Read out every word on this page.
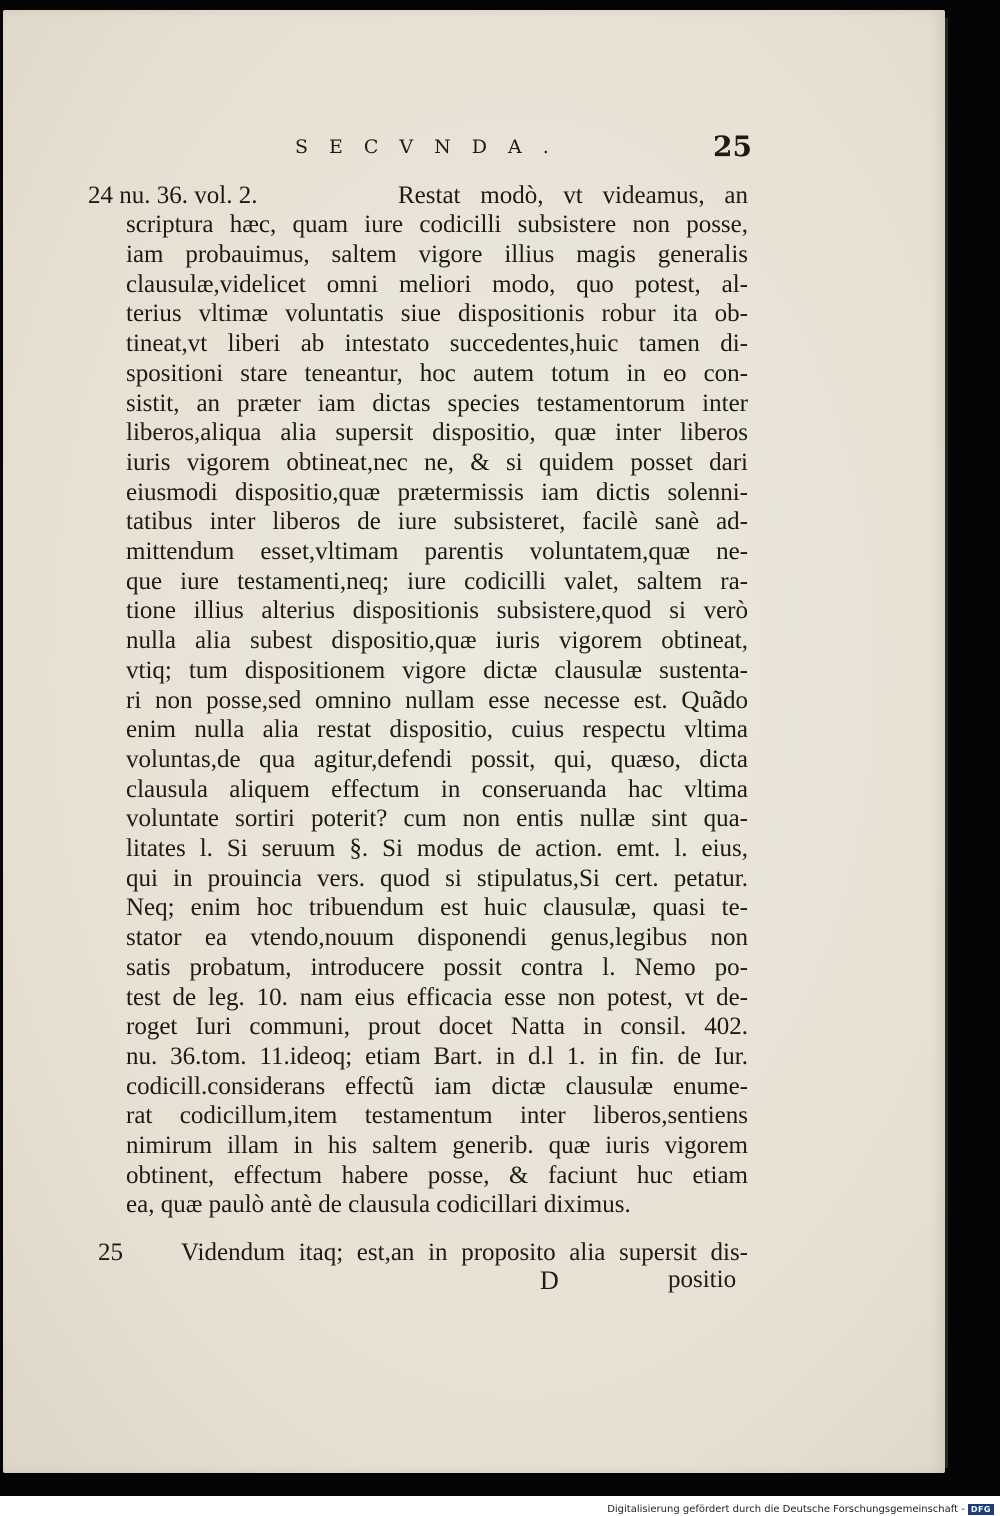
SECVNDA.	25
24 nu. 36. vol. 2.	Restat modò, vt videamus, an
scriptura hæc, quam iure codicilli subsistere non posse,
iam probauimus, saltem vigore illius magis generalis
clausulæ,videlicet omni meliori modo, quo potest, al-
terius vltimæ voluntatis siue dispositionis robur ita ob-
tineat,vt liberi ab intestato succedentes,huic tamen di-
spositioni stare teneantur, hoc autem totum in eo con-
sistit, an præter iam dictas species testamentorum inter
liberos,aliqua alia supersit dispositio, quæ inter liberos
iuris vigorem obtineat,nec ne, & si quidem posset dari
eiusmodi dispositio,quæ prætermissis iam dictis solenni-
tatibus inter liberos de iure subsisteret, facilè sanè ad-
mittendum esset,vltimam parentis voluntatem,quæ ne-
que iure testamenti,neq; iure codicilli valet, saltem ra-
tione illius alterius dispositionis subsistere,quod si verò
nulla alia subest dispositio,quæ iuris vigorem obtineat,
vtiq; tum dispositionem vigore dictæ clausulæ sustenta-
ri non posse,sed omnino nullam esse necesse est. Quãdo
enim nulla alia restat dispositio, cuius respectu vltima
voluntas,de qua agitur,defendi possit, qui, quæso, dicta
clausula aliquem effectum in conseruanda hac vltima
voluntate sortiri poterit? cum non entis nullæ sint qua-
litates l. Si seruum §. Si modus de action. emt. l. eius,
qui in prouincia vers. quod si stipulatus,Si cert. petatur.
Neq; enim hoc tribuendum est huic clausulæ, quasi te-
stator ea vtendo,nouum disponendi genus,legibus non
satis probatum, introducere possit contra l. Nemo po-
test de leg. 10. nam eius efficacia esse non potest, vt de-
roget Iuri communi, prout docet Natta in consil. 402.
nu. 36.tom. 11.ideoq; etiam Bart. in d.l 1. in fin. de Iur.
codicill.considerans effectũ iam dictæ clausulæ enume-
rat codicillum,item testamentum inter liberos,sentiens
nimirum illam in his saltem generib. quæ iuris vigorem
obtinent, effectum habere posse, & faciunt huc etiam
ea, quæ paulò antè de clausula codicillari diximus.
25 Videndum itaq; est,an in proposito alia supersit dis-
D	positio
Digitalisierung gefördert durch die Deutsche Forschungsgemeinschaft - DFG
